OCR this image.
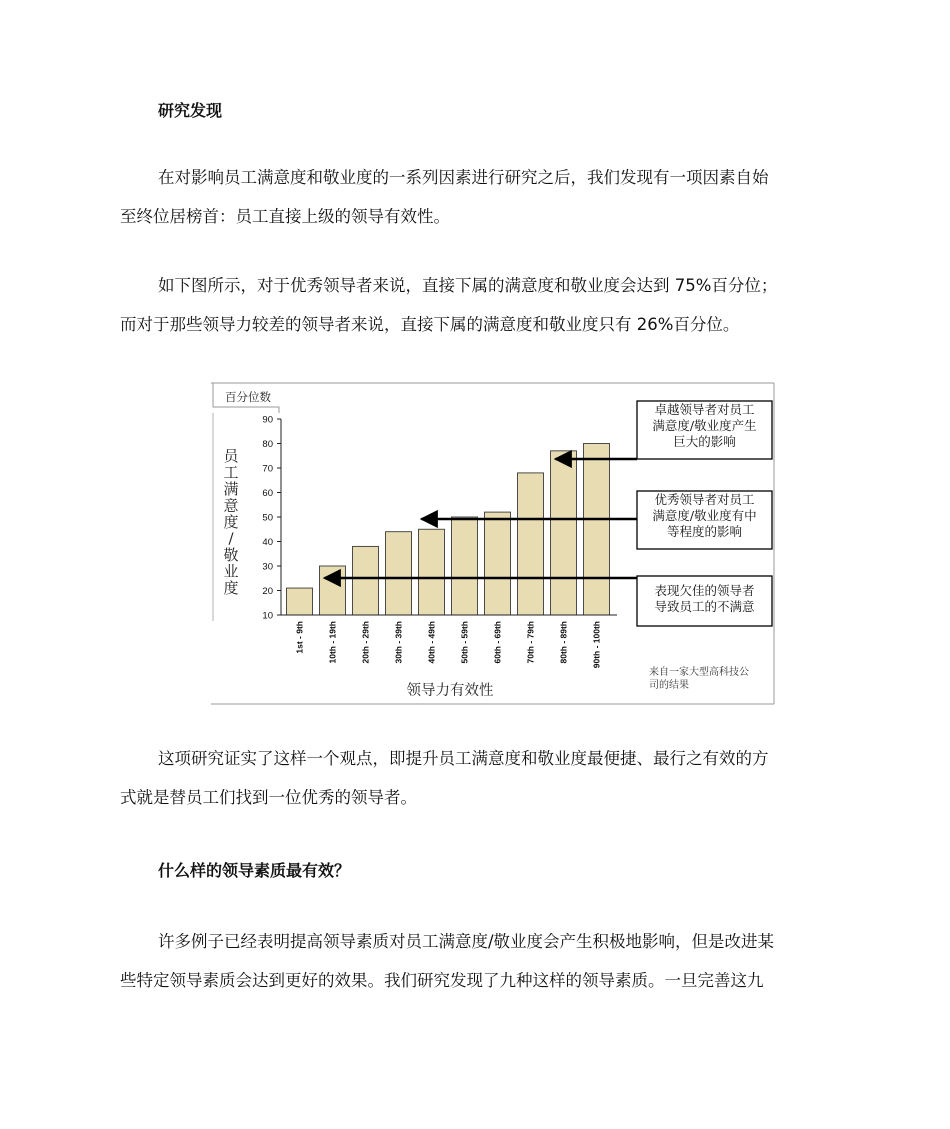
研究发现

在对影响员工满意度和敬业度的一系列因素进行研究之后，我们发现有一项因素自始
至终位居榜首：员工直接上级的领导有效性。

如下图所示，对于优秀领导者来说，直接下属的满意度和敬业度会达到 75%百分位；
而对于那些领导力较差的领导者来说，直接下属的满意度和敬业度只有 26%百分位。

百分位数
90
80
70
60
50
40
30
20
10
员
工
满
意
度
/
敬
业
度
1st - 9th	10th - 19th	20th - 29th	30th - 39th	40th - 49th	50th - 59th	60th - 69th	70th - 79th	80th - 89th	90th - 100th
领导力有效性
卓越领导者对员工
满意度/敬业度产生
巨大的影响
优秀领导者对员工
满意度/敬业度有中
等程度的影响
表现欠佳的领导者
导致员工的不满意
来自一家大型高科技公
司的结果

这项研究证实了这样一个观点，即提升员工满意度和敬业度最便捷、最行之有效的方
式就是替员工们找到一位优秀的领导者。

什么样的领导素质最有效？

许多例子已经表明提高领导素质对员工满意度/敬业度会产生积极地影响，但是改进某
些特定领导素质会达到更好的效果。我们研究发现了九种这样的领导素质。一旦完善这九
